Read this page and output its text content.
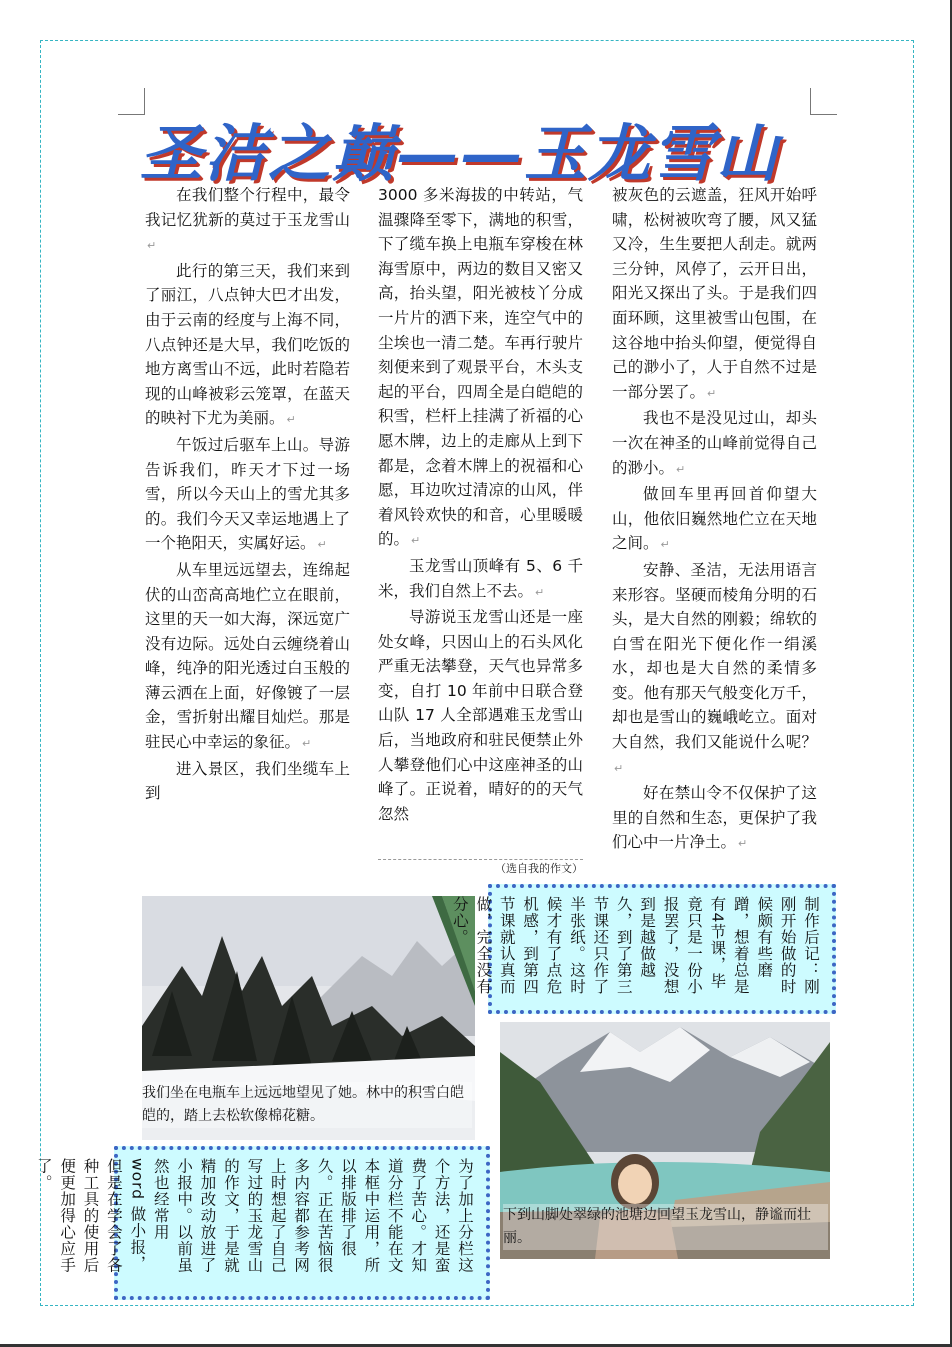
圣洁之巅——玉龙雪山

在我们整个行程中，最令我记忆犹新的莫过于玉龙雪山↵

此行的第三天，我们来到了丽江，八点钟大巴才出发，由于云南的经度与上海不同，八点钟还是大早，我们吃饭的地方离雪山不远，此时若隐若现的山峰被彩云笼罩，在蓝天的映衬下尤为美丽。 ↵

午饭过后驱车上山。导游告诉我们，昨天才下过一场雪，所以今天山上的雪尤其多的。我们今天又幸运地遇上了一个艳阳天，实属好运。 ↵

从车里远远望去，连绵起伏的山峦高高地伫立在眼前，这里的天一如大海，深远宽广没有边际。远处白云缠绕着山峰，纯净的阳光透过白玉般的薄云洒在上面，好像镀了一层金，雪折射出耀目灿烂。那是驻民心中幸运的象征。 ↵

进入景区，我们坐缆车上到

3000 多米海拔的中转站，气温骤降至零下，满地的积雪，下了缆车换上电瓶车穿梭在林海雪原中，两边的数目又密又高，抬头望，阳光被枝丫分成一片片的洒下来，连空气中的尘埃也一清二楚。车再行驶片刻便来到了观景平台，木头支起的平台，四周全是白皑皑的积雪，栏杆上挂满了祈福的心愿木牌，边上的走廊从上到下都是，念着木牌上的祝福和心愿，耳边吹过清凉的山风，伴着风铃欢快的和音，心里暖暖的。 ↵

玉龙雪山顶峰有 5、6 千米，我们自然上不去。 ↵

导游说玉龙雪山还是一座处女峰，只因山上的石头风化严重无法攀登，天气也异常多变，自打 10 年前中日联合登山队 17 人全部遇难玉龙雪山后，当地政府和驻民便禁止外人攀登他们心中这座神圣的山峰了。正说着，晴好的的天气忽然

（选自我的作文）

被灰色的云遮盖，狂风开始呼啸，松树被吹弯了腰，风又猛又冷，生生要把人刮走。就两三分钟，风停了，云开日出，阳光又探出了头。于是我们四面环顾，这里被雪山包围，在这谷地中抬头仰望，便觉得自己的渺小了，人于自然不过是一部分罢了。 ↵

我也不是没见过山，却头一次在神圣的山峰前觉得自己的渺小。 ↵

做回车里再回首仰望大山，他依旧巍然地伫立在天地之间。 ↵

安静、圣洁，无法用语言来形容。坚硬而棱角分明的石头，是大自然的刚毅；绵软的白雪在阳光下便化作一绢溪水，却也是大自然的柔情多变。他有那天气般变化万千，却也是雪山的巍峨屹立。面对大自然，我们又能说什么呢？↵

好在禁山令不仅保护了这里的自然和生态，更保护了我们心中一片净土。 ↵

我们坐在电瓶车上远远地望见了她。林中的积雪白皑皑的，踏上去松软像棉花糖。
下到山脚处翠绿的池塘边回望玉龙雪山，静谧而壮丽。
制作后记：刚刚开始做的时候颇有些磨蹭，想着总是有4节课，毕竟只是一份小报罢了，没想到是越做越久，到了第三节课还只作了半张纸。这时候才有了点危机感，到第四节课就认真而做，完全没有分心。
为了加上分栏这个方法，还是蛮费了苦心。才知道分栏不能在文本框中运用，所以排版排了很久。正在苦恼很多内容都参考网上时想起了自己写过的玉龙雪山的作文，于是就精加改动放进了小报中。以前虽然也经常用 word 做小报，但是在学会了各种工具的使用后便更加得心应手了。
